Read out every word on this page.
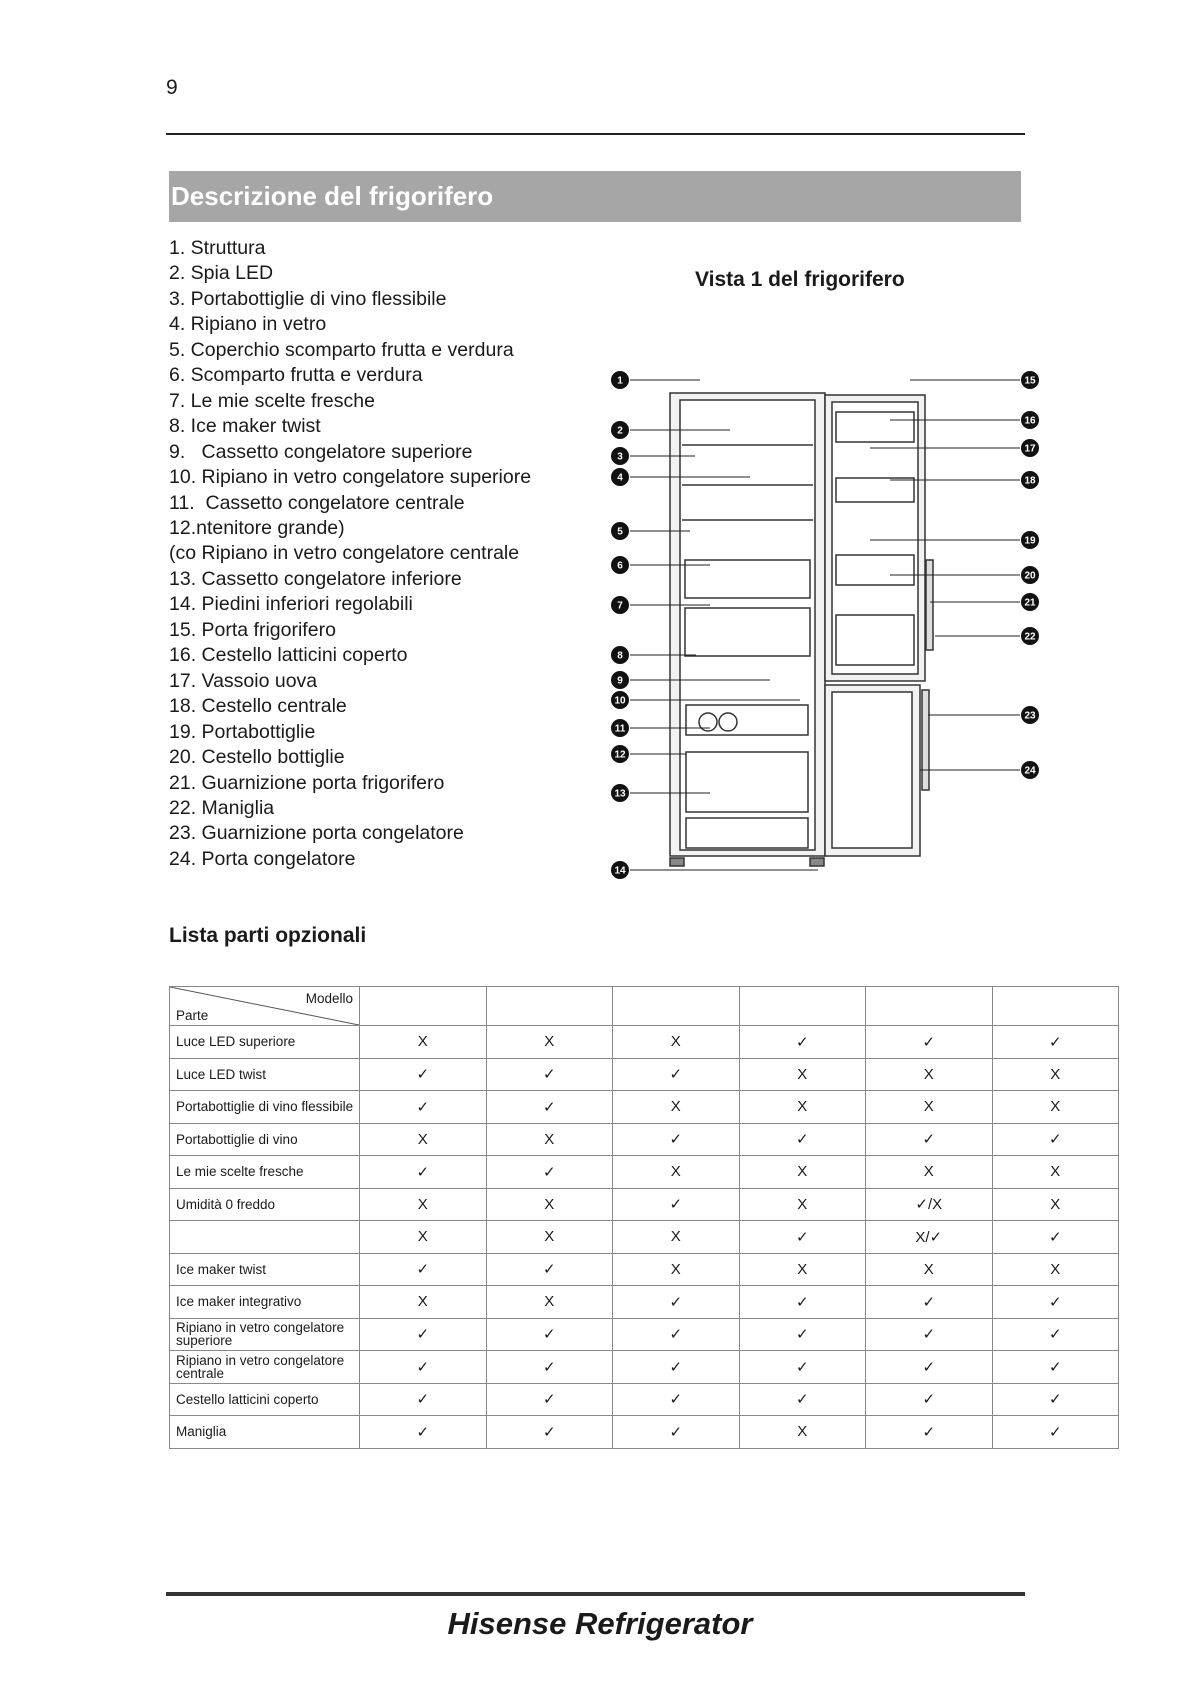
9
Descrizione del frigorifero
1. Struttura
2. Spia LED
3. Portabottiglie di vino flessibile
4. Ripiano in vetro
5. Coperchio scomparto frutta e verdura
6. Scomparto frutta e verdura
7. Le mie scelte fresche
8. Ice maker twist
9.   Cassetto congelatore superiore
10. Ripiano in vetro congelatore superiore
11.  Cassetto congelatore centrale
12.ntenitore grande)
(co Ripiano in vetro congelatore centrale
13. Cassetto congelatore inferiore
14. Piedini inferiori regolabili
15. Porta frigorifero
16. Cestello latticini coperto
17. Vassoio uova
18. Cestello centrale
19. Portabottiglie
20. Cestello bottiglie
21. Guarnizione porta frigorifero
22. Maniglia
23. Guarnizione porta congelatore
24. Porta congelatore
Vista 1 del frigorifero
1
2
3
4
5
6
7
8
9
10
11
12
13
14
15
16
17
18
19
20
21
22
23
24
Lista parti opzionali
Modello
Parte						

Luce LED superiore	X	X	X	✓	✓	✓
Luce LED twist	✓	✓	✓	X	X	X
Portabottiglie di vino flessibile	✓	✓	X	X	X	X
Portabottiglie di vino	X	X	✓	✓	✓	✓
Le mie scelte fresche	✓	✓	X	X	X	X
Umidità 0 freddo	X	X	✓	X	✓/X	X
	X	X	X	✓	X/✓	✓
Ice maker twist	✓	✓	X	X	X	X
Ice maker integrativo	X	X	✓	✓	✓	✓
Ripiano in vetro congelatore superiore	✓	✓	✓	✓	✓	✓
Ripiano in vetro congelatore centrale	✓	✓	✓	✓	✓	✓
Cestello latticini coperto	✓	✓	✓	✓	✓	✓
Maniglia	✓	✓	✓	X	✓	✓
Hisense Refrigerator
